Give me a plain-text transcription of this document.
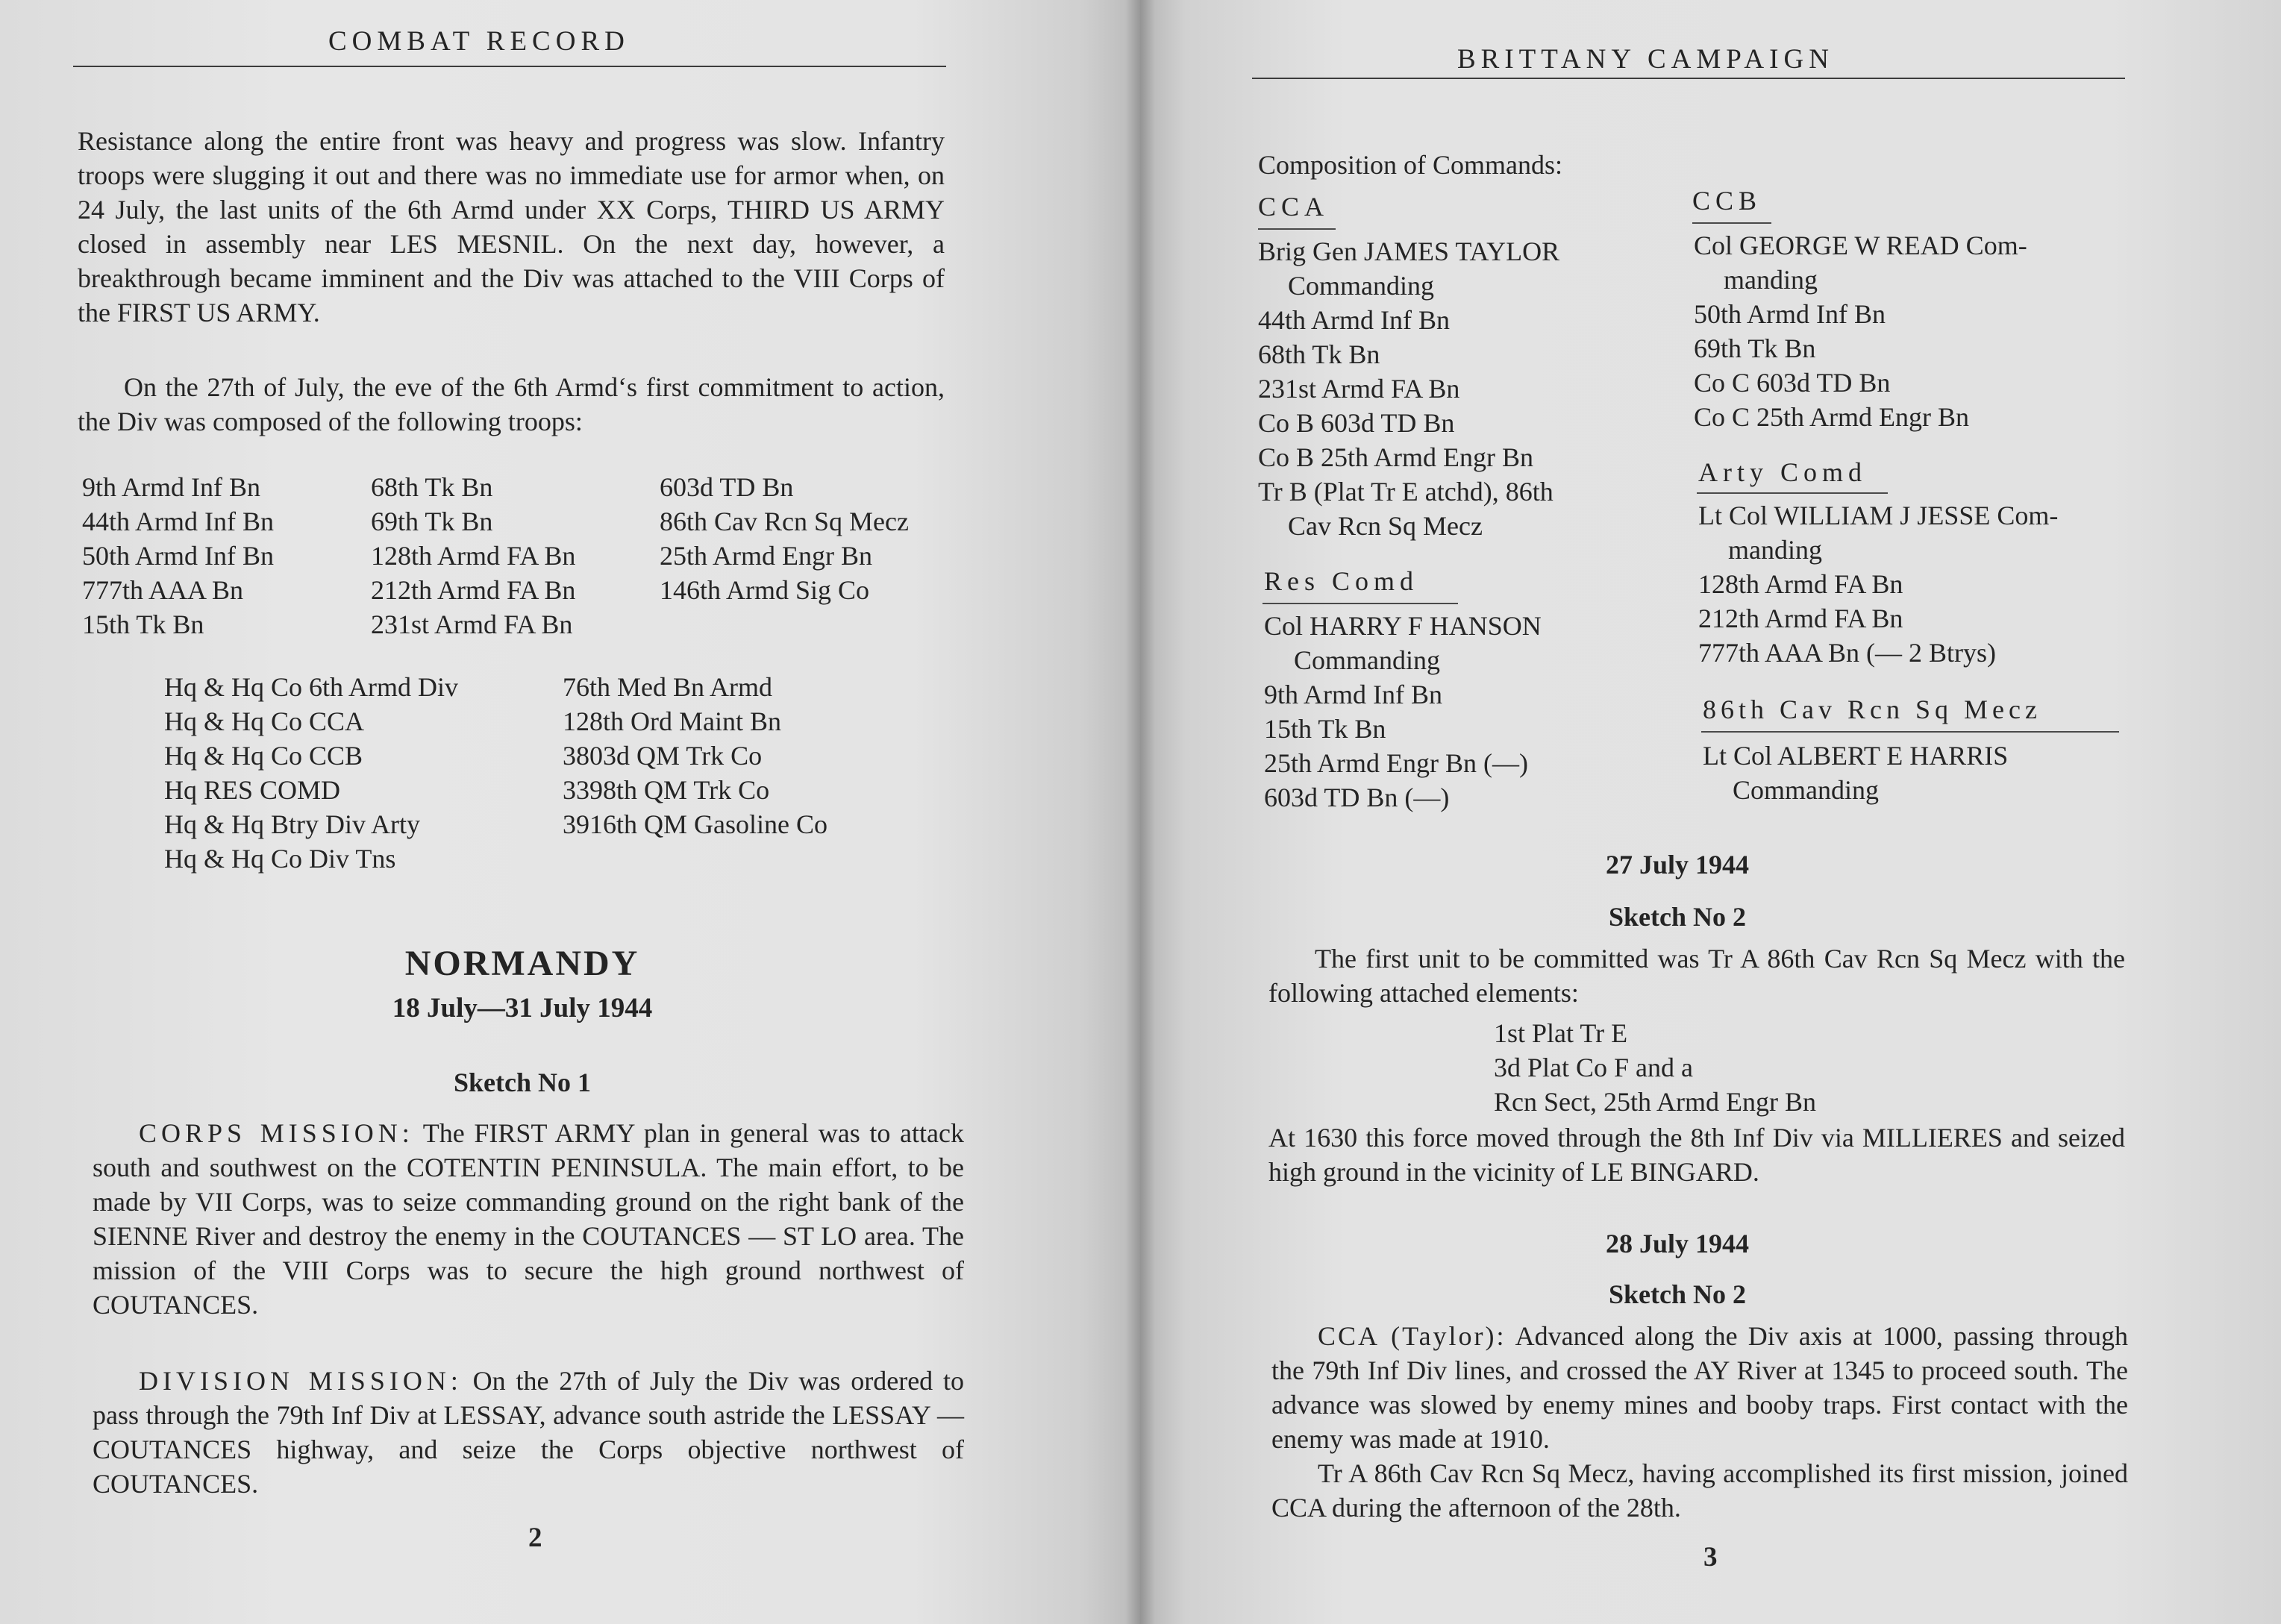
COMBAT RECORD

Resistance along the entire front was heavy and progress was slow. Infantry troops were slugging it out and there was no immediate use for armor when, on 24 July, the last units of the 6th Armd under XX Corps, THIRD US ARMY closed in assembly near LES MESNIL. On the next day, however, a breakthrough became imminent and the Div was attached to the VIII Corps of the FIRST US ARMY.

On the 27th of July, the eve of the 6th Armd‘s first commitment to action, the Div was composed of the following troops:

9th Armd Inf Bn
44th Armd Inf Bn
50th Armd Inf Bn
777th AAA Bn
15th Tk Bn
68th Tk Bn
69th Tk Bn
128th Armd FA Bn
212th Armd FA Bn
231st Armd FA Bn
603d TD Bn
86th Cav Rcn Sq Mecz
25th Armd Engr Bn
146th Armd Sig Co
Hq & Hq Co 6th Armd Div
Hq & Hq Co CCA
Hq & Hq Co CCB
Hq RES COMD
Hq & Hq Btry Div Arty
Hq & Hq Co Div Tns
76th Med Bn Armd
128th Ord Maint Bn
3803d QM Trk Co
3398th QM Trk Co
3916th QM Gasoline Co
NORMANDY
18 July—31 July 1944
Sketch No 1

CORPS MISSION: The FIRST ARMY plan in general was to attack south and southwest on the COTENTIN PENINSULA. The main effort, to be made by VII Corps, was to seize commanding ground on the right bank of the SIENNE River and destroy the enemy in the COUTANCES — ST LO area. The mission of the VIII Corps was to secure the high ground northwest of COUTANCES.

DIVISION MISSION: On the 27th of July the Div was ordered to pass through the 79th Inf Div at LESSAY, advance south astride the LESSAY — COUTANCES highway, and seize the Corps objective northwest of COUTANCES.

2
BRITTANY CAMPAIGN
Composition of Commands:
CCA
Brig Gen JAMES TAYLOR
Commanding
44th Armd Inf Bn
68th Tk Bn
231st Armd FA Bn
Co B 603d TD Bn
Co B 25th Armd Engr Bn
Tr B (Plat Tr E atchd), 86th
Cav Rcn Sq Mecz
Res Comd
Col HARRY F HANSON
Commanding
9th Armd Inf Bn
15th Tk Bn
25th Armd Engr Bn (—)
603d TD Bn (—)
CCB
Col GEORGE W READ Com-
manding
50th Armd Inf Bn
69th Tk Bn
Co C 603d TD Bn
Co C 25th Armd Engr Bn
Arty Comd
Lt Col WILLIAM J JESSE Com-
manding
128th Armd FA Bn
212th Armd FA Bn
777th AAA Bn (— 2 Btrys)
86th Cav Rcn Sq Mecz
Lt Col ALBERT E HARRIS
Commanding
27 July 1944
Sketch No 2

The first unit to be committed was Tr A 86th Cav Rcn Sq Mecz with the following attached elements:

1st Plat Tr E
3d Plat Co F and a
Rcn Sect, 25th Armd Engr Bn

At 1630 this force moved through the 8th Inf Div via MILLIERES and seized high ground in the vicinity of LE BINGARD.

28 July 1944
Sketch No 2

CCA (Taylor): Advanced along the Div axis at 1000, passing through the 79th Inf Div lines, and crossed the AY River at 1345 to proceed south. The advance was slowed by enemy mines and booby traps. First contact with the enemy was made at 1910.

Tr A 86th Cav Rcn Sq Mecz, having accomplished its first mission, joined CCA during the afternoon of the 28th.

3
